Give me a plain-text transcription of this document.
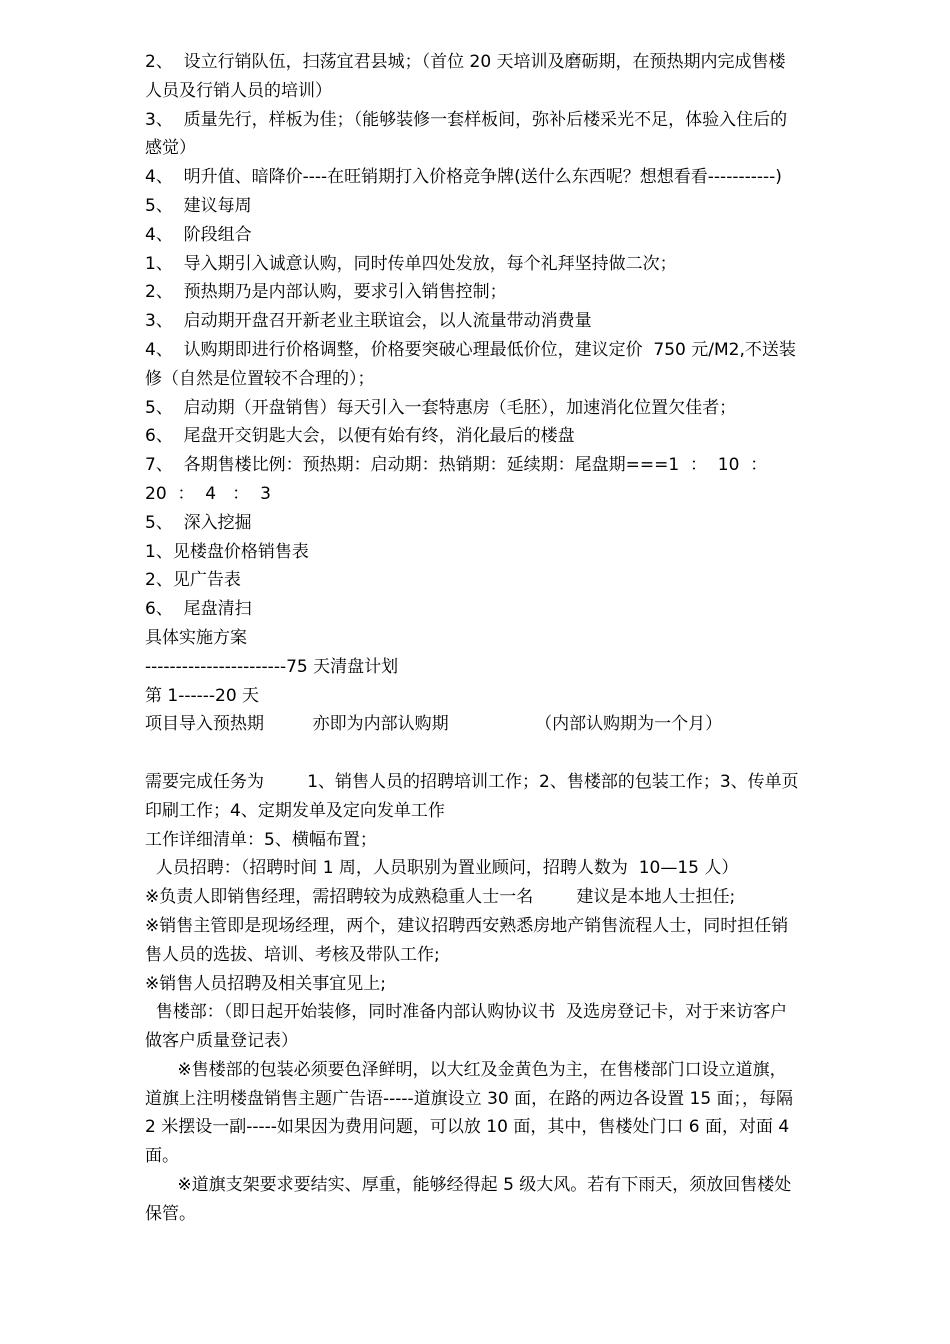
2、  设立行销队伍，扫荡宜君县城；（首位 20 天培训及磨砺期，在预热期内完成售楼
人员及行销人员的培训）
3、  质量先行，样板为佳；（能够装修一套样板间，弥补后楼采光不足，体验入住后的
感觉）
4、  明升值、暗降价----在旺销期打入价格竞争牌(送什么东西呢？想想看看-----------)
5、  建议每周
4、  阶段组合
1、  导入期引入诚意认购，同时传单四处发放，每个礼拜坚持做二次；
2、  预热期乃是内部认购，要求引入销售控制；
3、  启动期开盘召开新老业主联谊会，以人流量带动消费量
4、  认购期即进行价格调整，价格要突破心理最低价位，建议定价  750 元/M2,不送装
修（自然是位置较不合理的）；
5、  启动期（开盘销售）每天引入一套特惠房（毛胚），加速消化位置欠佳者；
6、  尾盘开交钥匙大会，以便有始有终，消化最后的楼盘
7、  各期售楼比例：预热期：启动期：热销期：延续期：尾盘期===1  ：  10  ：
20  ：  4   ：  3
5、  深入挖掘
1、见楼盘价格销售表
2、见广告表
6、  尾盘清扫
具体实施方案
-----------------------75 天清盘计划
第 1------20 天
项目导入预热期         亦即为内部认购期                （内部认购期为一个月）
需要完成任务为        1、销售人员的招聘培训工作；2、售楼部的包装工作；3、传单页
印刷工作；4、定期发单及定向发单工作
工作详细清单：5、横幅布置；
人员招聘：（招聘时间 1 周，人员职别为置业顾问，招聘人数为  10—15 人）
※负责人即销售经理，需招聘较为成熟稳重人士一名        建议是本地人士担任;
※销售主管即是现场经理，两个，建议招聘西安熟悉房地产销售流程人士，同时担任销
售人员的选拔、培训、考核及带队工作;
※销售人员招聘及相关事宜见上;
售楼部：（即日起开始装修，同时准备内部认购协议书  及选房登记卡，对于来访客户
做客户质量登记表）
※售楼部的包装必须要色泽鲜明，以大红及金黄色为主，在售楼部门口设立道旗，
道旗上注明楼盘销售主题广告语-----道旗设立 30 面，在路的两边各设置 15 面；，每隔
2 米摆设一副-----如果因为费用问题，可以放 10 面，其中，售楼处门口 6 面，对面 4
面。
※道旗支架要求要结实、厚重，能够经得起 5 级大风。若有下雨天，须放回售楼处
保管。
